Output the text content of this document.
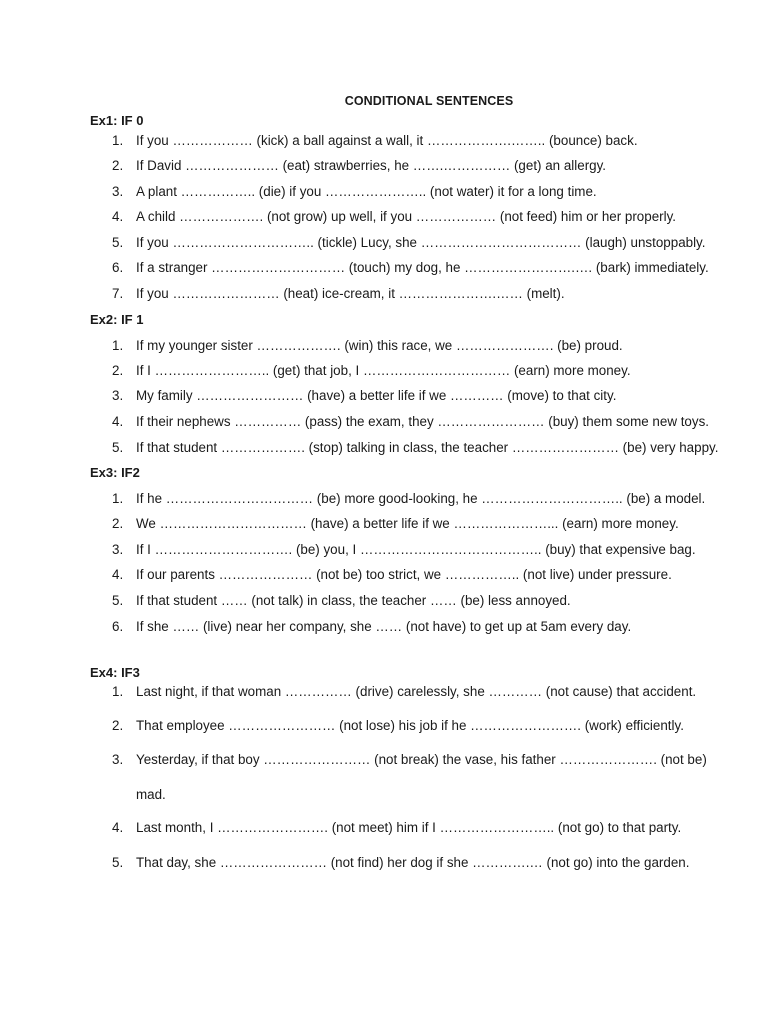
CONDITIONAL SENTENCES
Ex1: IF 0
1. If you ……………… (kick) a ball against a wall, it ……………….…….. (bounce) back.
2. If David ………………… (eat) strawberries, he …….…………… (get) an allergy.
3. A plant …………….. (die) if you ………………….. (not water) it for a long time.
4. A child ………………. (not grow) up well, if you ……………… (not feed) him or her properly.
5. If you ………………………….. (tickle) Lucy, she ……………………………… (laugh) unstoppably.
6. If a stranger ………………………… (touch) my dog, he …………………….…. (bark) immediately.
7. If you …………………… (heat) ice-cream, it ………………….…… (melt).
Ex2: IF 1
1. If my younger sister ………………. (win) this race, we …………………. (be) proud.
2. If I …………………….. (get) that job, I …………………………… (earn) more money.
3. My family …………………… (have) a better life if we ………… (move) to that city.
4. If their nephews …………… (pass) the exam, they …………………… (buy) them some new toys.
5. If that student ………………. (stop) talking in class, the teacher …………………… (be) very happy.
Ex3: IF2
1. If he …………………………… (be) more good-looking, he ………………………….. (be) a model.
2. We …………………………… (have) a better life if we …………………... (earn) more money.
3. If I …………………………. (be) you, I ………………………………….. (buy) that expensive bag.
4. If our parents ………………… (not be) too strict, we …………….. (not live) under pressure.
5. If that student …… (not talk) in class, the teacher …… (be) less annoyed.
6. If she …… (live) near her company, she …… (not have) to get up at 5am every day.
Ex4: IF3
1. Last night, if that woman …………… (drive) carelessly, she ………… (not cause) that accident.
2. That employee …………………… (not lose) his job if he ……………………. (work) efficiently.
3. Yesterday, if that boy …………………… (not break) the vase, his father …………………. (not be)
mad.
4. Last month, I ……………………. (not meet) him if I …………………….. (not go) to that party.
5. That day, she …………………… (not find) her dog if she ………….… (not go) into the garden.
